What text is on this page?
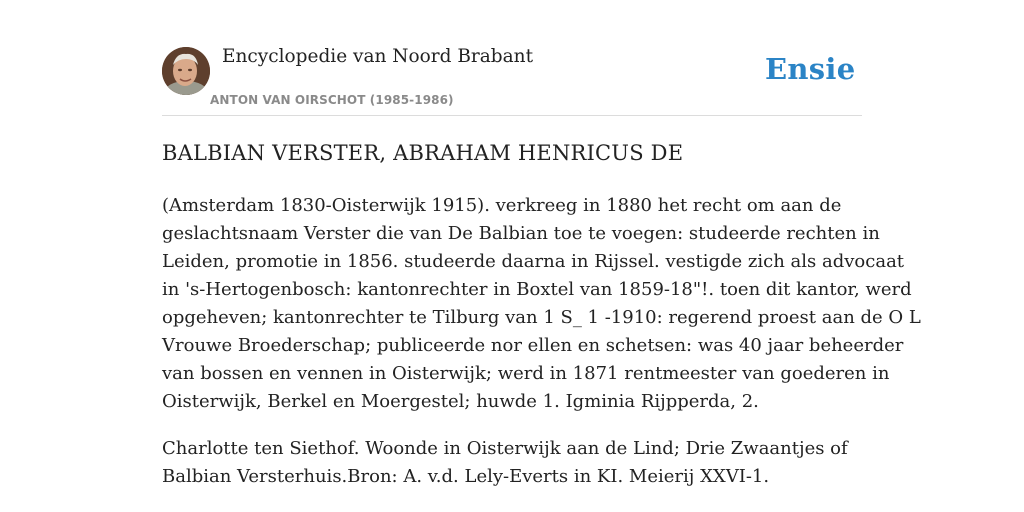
Encyclopedie van Noord Brabant
ANTON VAN OIRSCHOT (1985-1986)
Ensie
BALBIAN VERSTER, ABRAHAM HENRICUS DE

(Amsterdam 1830-Oisterwijk 1915). verkreeg in 1880 het recht om aan de
geslachtsnaam Verster die van De Balbian toe te voegen: studeerde rechten in
Leiden, promotie in 1856. studeerde daarna in Rijssel. vestigde zich als advocaat
in 's-Hertogenbosch: kantonrechter in Boxtel van 1859-18"!. toen dit kantor, werd
opgeheven; kantonrechter te Tilburg van 1 S_ 1 -1910: regerend proest aan de O L
Vrouwe Broederschap; publiceerde nor ellen en schetsen: was 40 jaar beheerder
van bossen en vennen in Oisterwijk; werd in 1871 rentmeester van goederen in
Oisterwijk, Berkel en Moergestel; huwde 1. Igminia Rijpperda, 2.

Charlotte ten Siethof. Woonde in Oisterwijk aan de Lind; Drie Zwaantjes of
Balbian Versterhuis.Bron: A. v.d. Lely-Everts in KI. Meierij XXVI-1.
